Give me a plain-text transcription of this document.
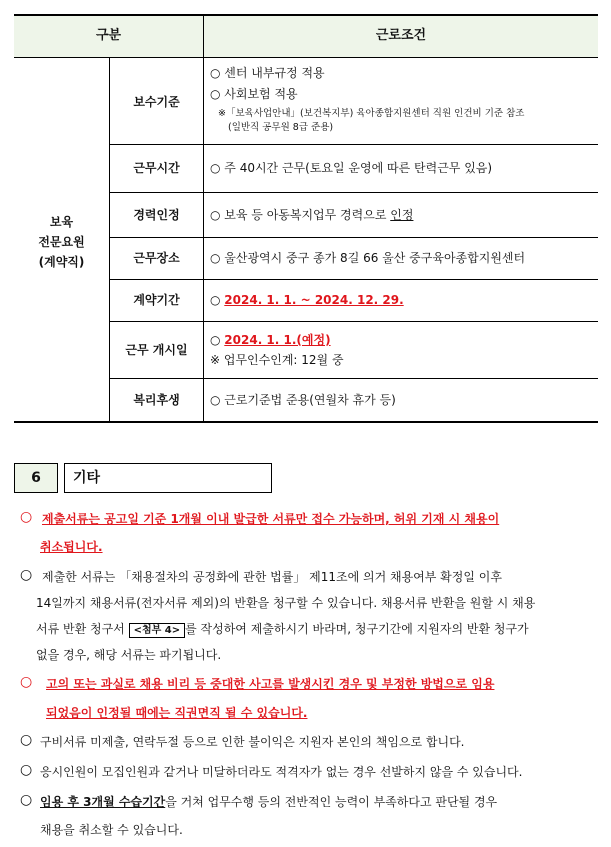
구분	근로조건
보육
전문요원
(계약직)
보수기준
근무시간
경력인정
근무장소
계약기간
근무 개시일
복리후생
○ 센터 내부규정 적용
○ 사회보험 적용
※「보육사업안내」(보건복지부) 육아종합지원센터 직원 인건비 기준 참조
(일반직 공무원 8급 준용)
○ 주 40시간 근무(토요일 운영에 따른 탄력근무 있음)
○ 보육 등 아동복지업무 경력으로 인정
○ 울산광역시 중구 종가 8길 66 울산 중구육아종합지원센터
○ 2024. 1. 1. ~ 2024. 12. 29.
○ 2024. 1. 1.(예정)
※ 업무인수인계: 12월 중
○ 근로기준법 준용(연월차 휴가 등)
6	기타
○ 제출서류는 공고일 기준 1개월 이내 발급한 서류만 접수 가능하며, 허위 기재 시 채용이
취소됩니다.
○ 제출한 서류는 「채용절차의 공정화에 관한 법률」 제11조에 의거 채용여부 확정일 이후
14일까지 채용서류(전자서류 제외)의 반환을 청구할 수 있습니다. 채용서류 반환을 원할 시 채용
서류 반환 청구서 <첨부 4> 를 작성하여 제출하시기 바라며, 청구기간에 지원자의 반환 청구가
없을 경우, 해당 서류는 파기됩니다.
○ 고의 또는 과실로 채용 비리 등 중대한 사고를 발생시킨 경우 및 부정한 방법으로 임용
되었음이 인정될 때에는 직권면직 될 수 있습니다.
○ 구비서류 미제출, 연락두절 등으로 인한 불이익은 지원자 본인의 책임으로 합니다.
○ 응시인원이 모집인원과 같거나 미달하더라도 적격자가 없는 경우 선발하지 않을 수 있습니다.
○ 임용 후 3개월 수습기간을 거쳐 업무수행 등의 전반적인 능력이 부족하다고 판단될 경우
채용을 취소할 수 있습니다.
